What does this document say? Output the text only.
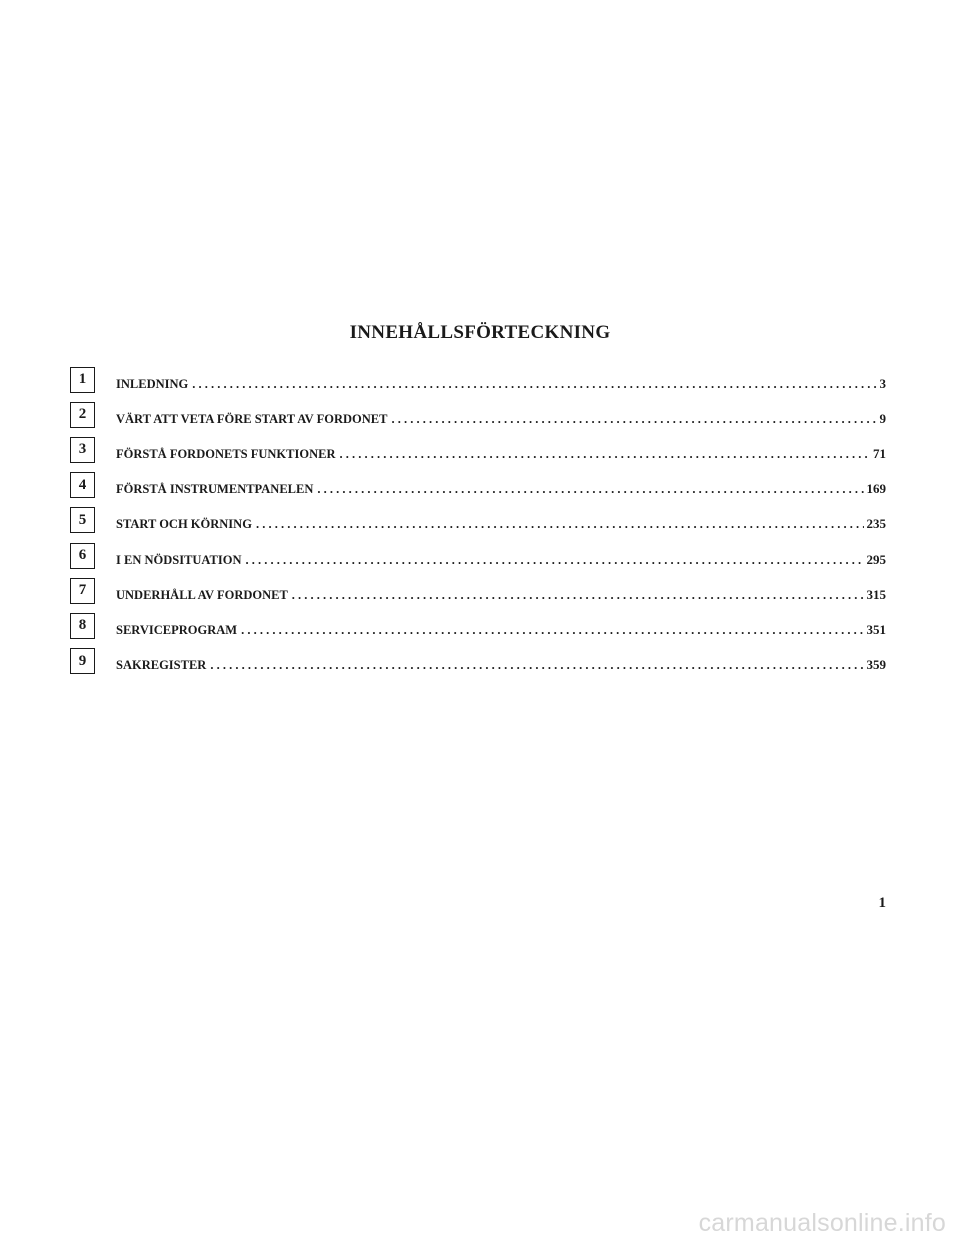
INNEHÅLLSFÖRTECKNING
1	INLEDNING . . .	3
2	VÄRT ATT VETA FÖRE START AV FORDONET . . .	9
3	FÖRSTÅ FORDONETS FUNKTIONER . . .	71
4	FÖRSTÅ INSTRUMENTPANELEN . . .	169
5	START OCH KÖRNING . . .	235
6	I EN NÖDSITUATION . . .	295
7	UNDERHÅLL AV FORDONET . . .	315
8	SERVICEPROGRAM . . .	351
9	SAKREGISTER . . .	359
1
carmanualsonline.info
